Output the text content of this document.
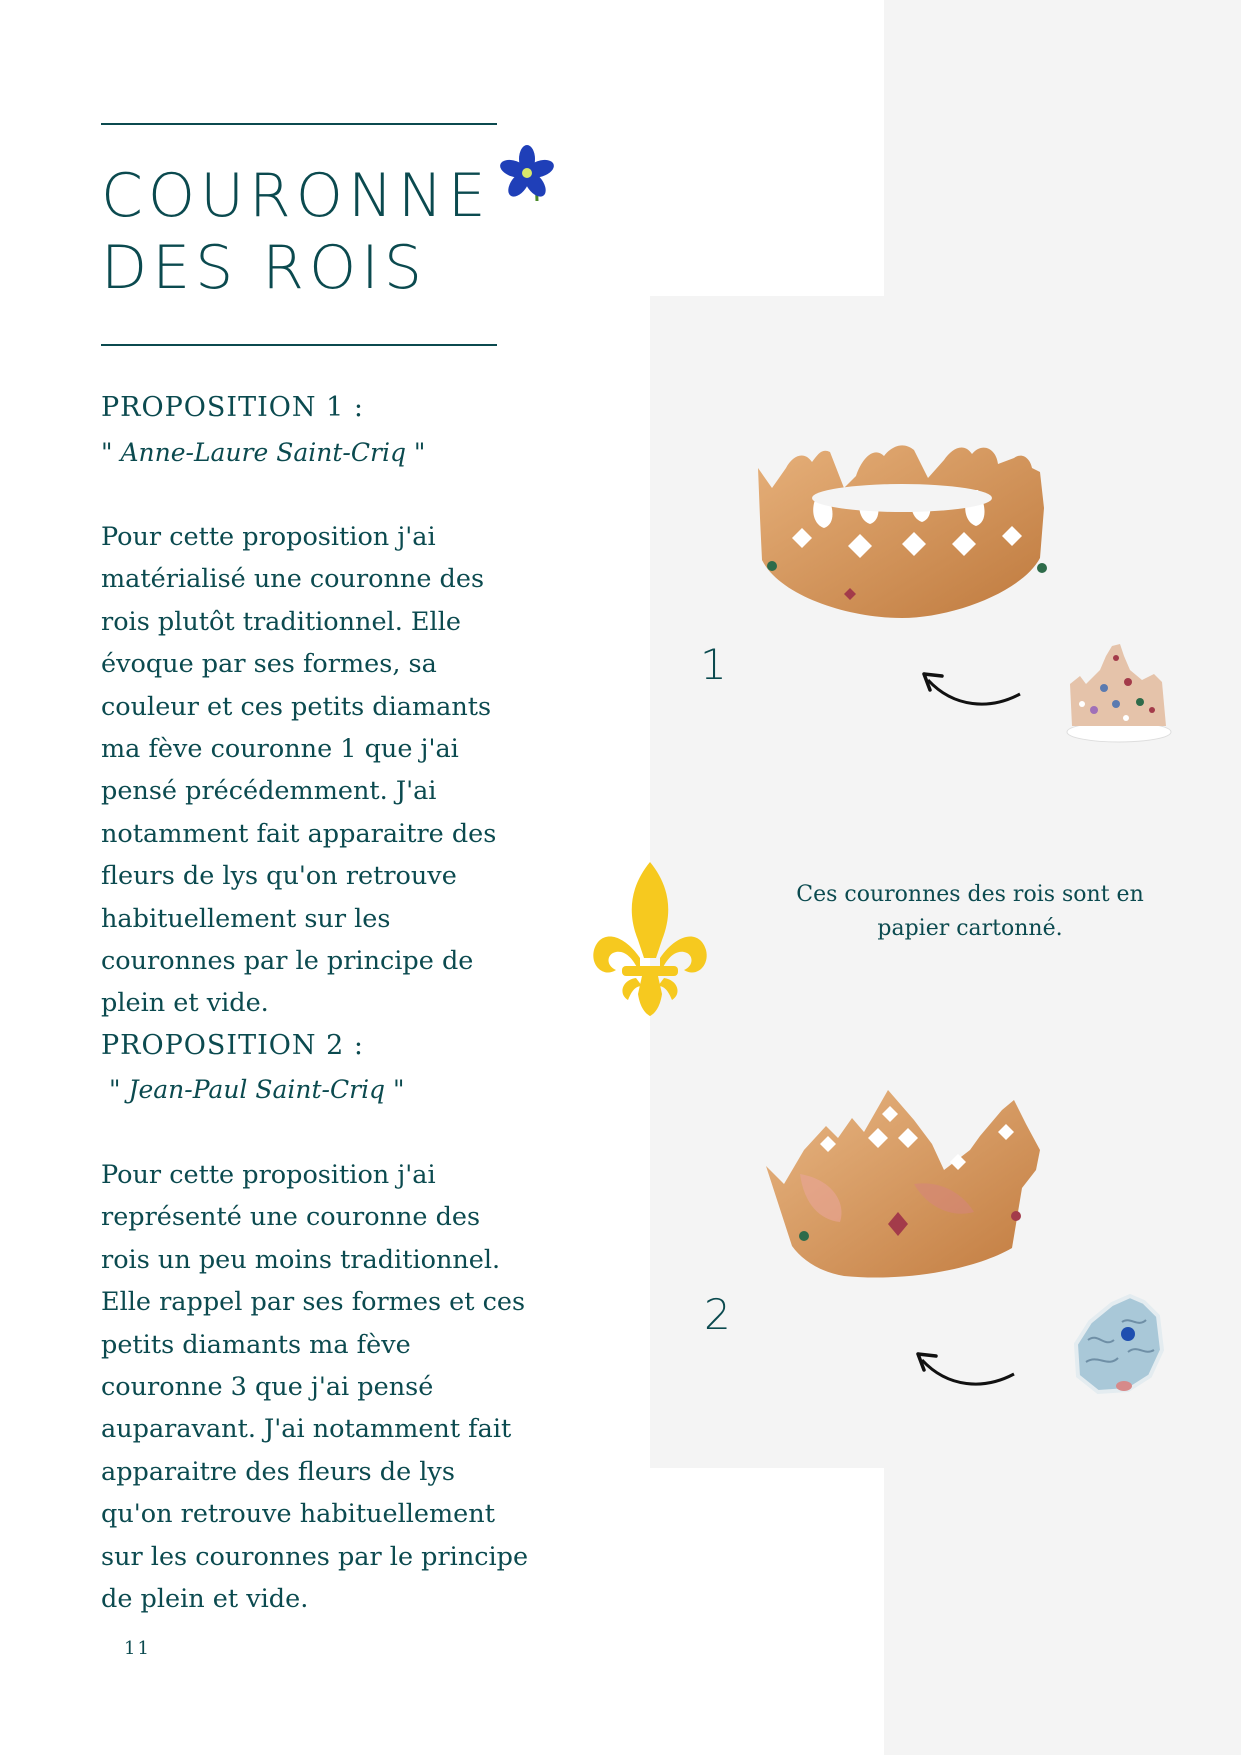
COURONNE
DES ROIS
PROPOSITION 1 :
" Anne-Laure Saint-Criq "

Pour cette proposition j'ai matérialisé une couronne des rois plutôt traditionnel. Elle évoque par ses formes, sa couleur et ces petits diamants ma fève couronne 1 que j'ai pensé précédemment. J'ai notamment fait apparaitre des fleurs de lys qu'on retrouve habituellement sur les couronnes par le principe de plein et vide.

PROPOSITION 2 :
" Jean-Paul Saint-Criq "

Pour cette proposition j'ai représenté une couronne des rois un peu moins traditionnel. Elle rappel par ses formes et ces petits diamants ma fève couronne 3 que j'ai pensé auparavant. J'ai notamment fait apparaitre des fleurs de lys qu'on retrouve habituellement sur les couronnes par le principe de plein et vide.

1
Ces couronnes des rois sont en papier cartonné.
2
11
